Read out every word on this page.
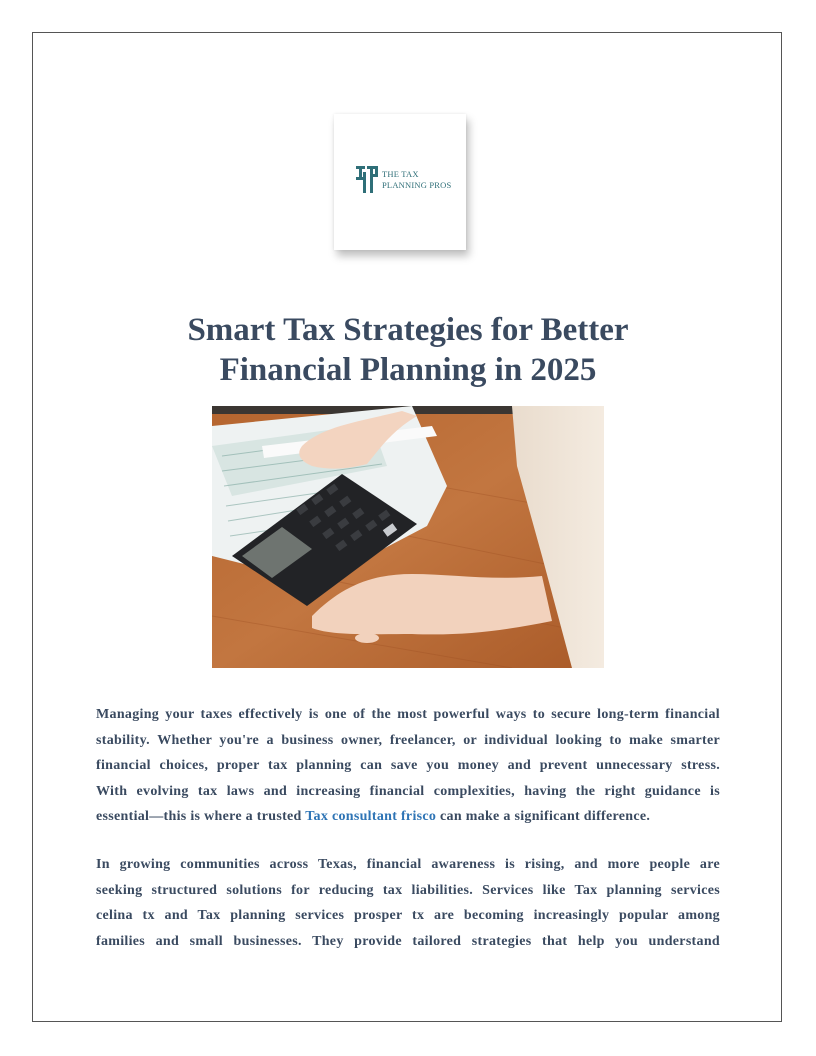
THE TAX
PLANNING PROS
Smart Tax Strategies for Better
Financial Planning in 2025
Managing your taxes effectively is one of the most powerful ways to secure long-term financial
stability. Whether you're a business owner, freelancer, or individual looking to make smarter
financial choices, proper tax planning can save you money and prevent unnecessary stress.
With evolving tax laws and increasing financial complexities, having the right guidance is
essential—this is where a trusted Tax consultant frisco can make a significant difference.
In growing communities across Texas, financial awareness is rising, and more people are
seeking structured solutions for reducing tax liabilities. Services like Tax planning services
celina tx and Tax planning services prosper tx are becoming increasingly popular among
families and small businesses. They provide tailored strategies that help you understand
